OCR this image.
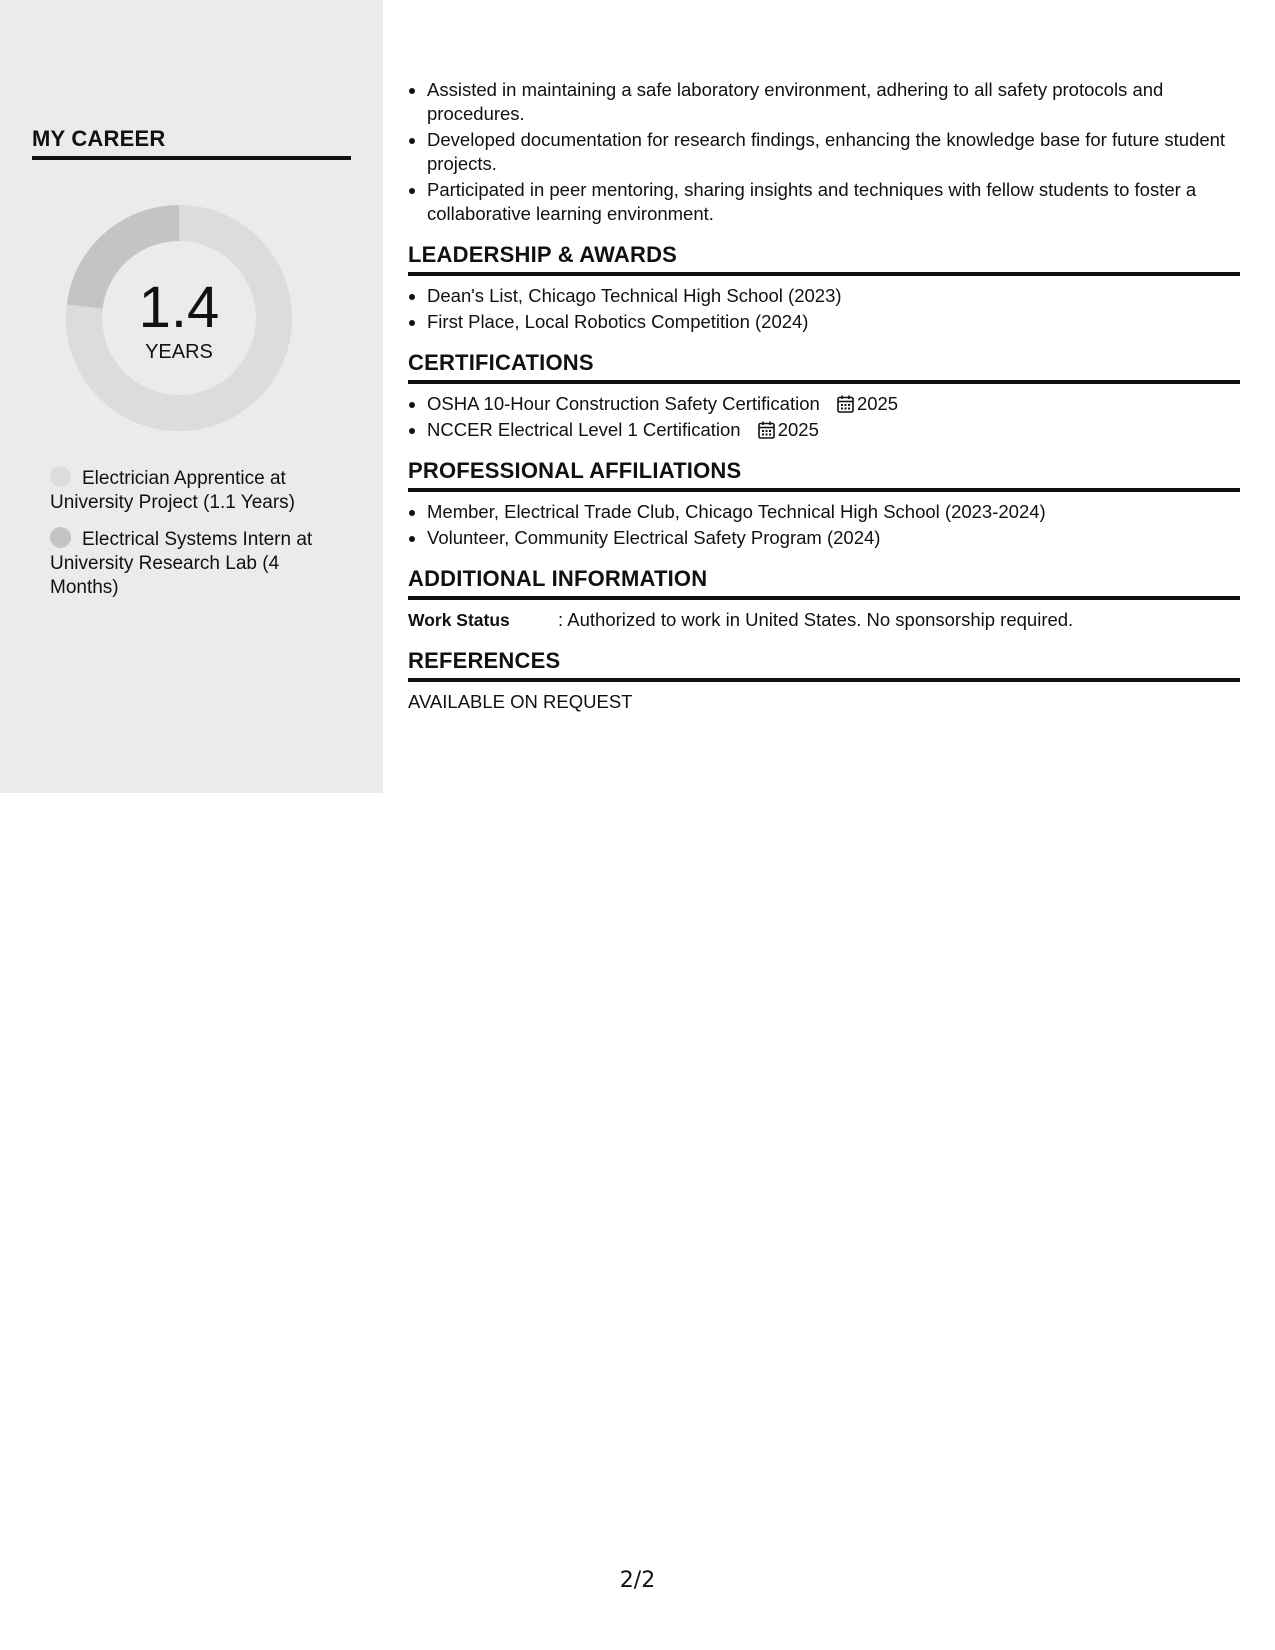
MY CAREER
1.4
YEARS
Electrician Apprentice at University Project (1.1 Years)
Electrical Systems Intern at University Research Lab (4 Months)
• Assisted in maintaining a safe laboratory environment, adhering to all safety protocols and procedures.
• Developed documentation for research findings, enhancing the knowledge base for future student projects.
• Participated in peer mentoring, sharing insights and techniques with fellow students to foster a collaborative learning environment.
LEADERSHIP & AWARDS
• Dean's List, Chicago Technical High School (2023)
• First Place, Local Robotics Competition (2024)
CERTIFICATIONS
• OSHA 10-Hour Construction Safety Certification 2025
• NCCER Electrical Level 1 Certification 2025
PROFESSIONAL AFFILIATIONS
• Member, Electrical Trade Club, Chicago Technical High School (2023-2024)
• Volunteer, Community Electrical Safety Program (2024)
ADDITIONAL INFORMATION
Work Status	: Authorized to work in United States. No sponsorship required.
REFERENCES
AVAILABLE ON REQUEST
2/2
